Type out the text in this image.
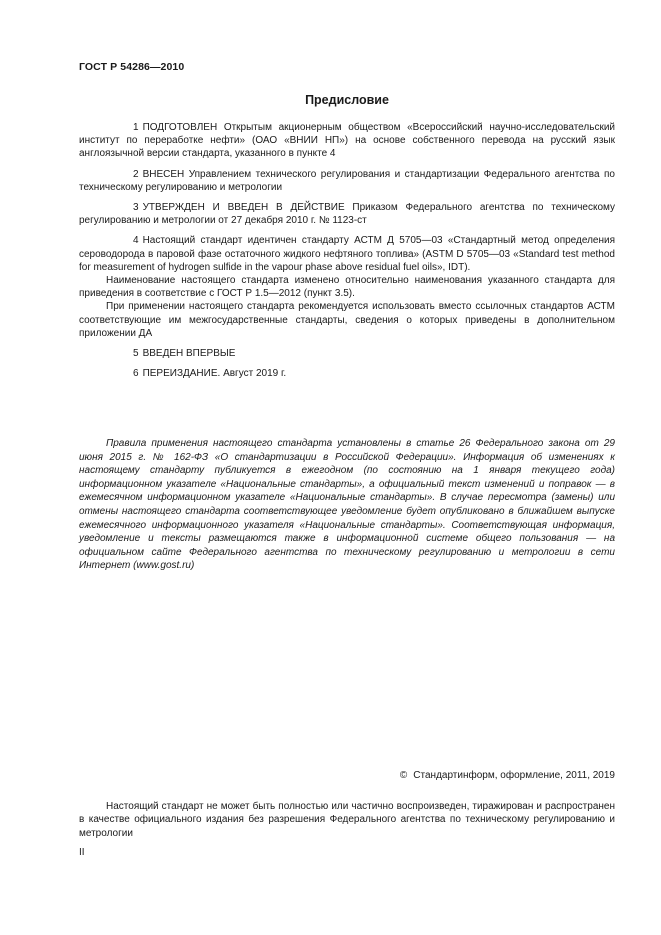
ГОСТ Р 54286—2010
Предисловие

1 ПОДГОТОВЛЕН Открытым акционерным обществом «Всероссийский научно-исследовательский институт по переработке нефти» (ОАО «ВНИИ НП») на основе собственного перевода на русский язык англоязычной версии стандарта, указанного в пункте 4

2 ВНЕСЕН Управлением технического регулирования и стандартизации Федерального агентства по техническому регулированию и метрологии

3 УТВЕРЖДЕН И ВВЕДЕН В ДЕЙСТВИЕ Приказом Федерального агентства по техническому регулированию и метрологии от 27 декабря 2010 г. № 1123-ст

4 Настоящий стандарт идентичен стандарту АСТМ Д 5705—03 «Стандартный метод определения сероводорода в паровой фазе остаточного жидкого нефтяного топлива» (ASTM D 5705—03 «Standard test method for measurement of hydrogen sulfide in the vapour phase above residual fuel oils», IDT).

Наименование настоящего стандарта изменено относительно наименования указанного стандарта для приведения в соответствие с ГОСТ Р 1.5—2012 (пункт 3.5).

При применении настоящего стандарта рекомендуется использовать вместо ссылочных стандартов АСТМ соответствующие им межгосударственные стандарты, сведения о которых приведены в дополнительном приложении ДА

5 ВВЕДЕН ВПЕРВЫЕ

6 ПЕРЕИЗДАНИЕ. Август 2019 г.

Правила применения настоящего стандарта установлены в статье 26 Федерального закона от 29 июня 2015 г. № 162-ФЗ «О стандартизации в Российской Федерации». Информация об изменениях к настоящему стандарту публикуется в ежегодном (по состоянию на 1 января текущего года) информационном указателе «Национальные стандарты», а официальный текст изменений и поправок — в ежемесячном информационном указателе «Национальные стандарты». В случае пересмотра (замены) или отмены настоящего стандарта соответствующее уведомление будет опубликовано в ближайшем выпуске ежемесячного информационного указателя «Национальные стандарты». Соответствующая информация, уведомление и тексты размещаются также в информационной системе общего пользования — на официальном сайте Федерального агентства по техническому регулированию и метрологии в сети Интернет (www.gost.ru)

© Стандартинформ, оформление, 2011, 2019

Настоящий стандарт не может быть полностью или частично воспроизведен, тиражирован и распространен в качестве официального издания без разрешения Федерального агентства по техническому регулированию и метрологии

II
